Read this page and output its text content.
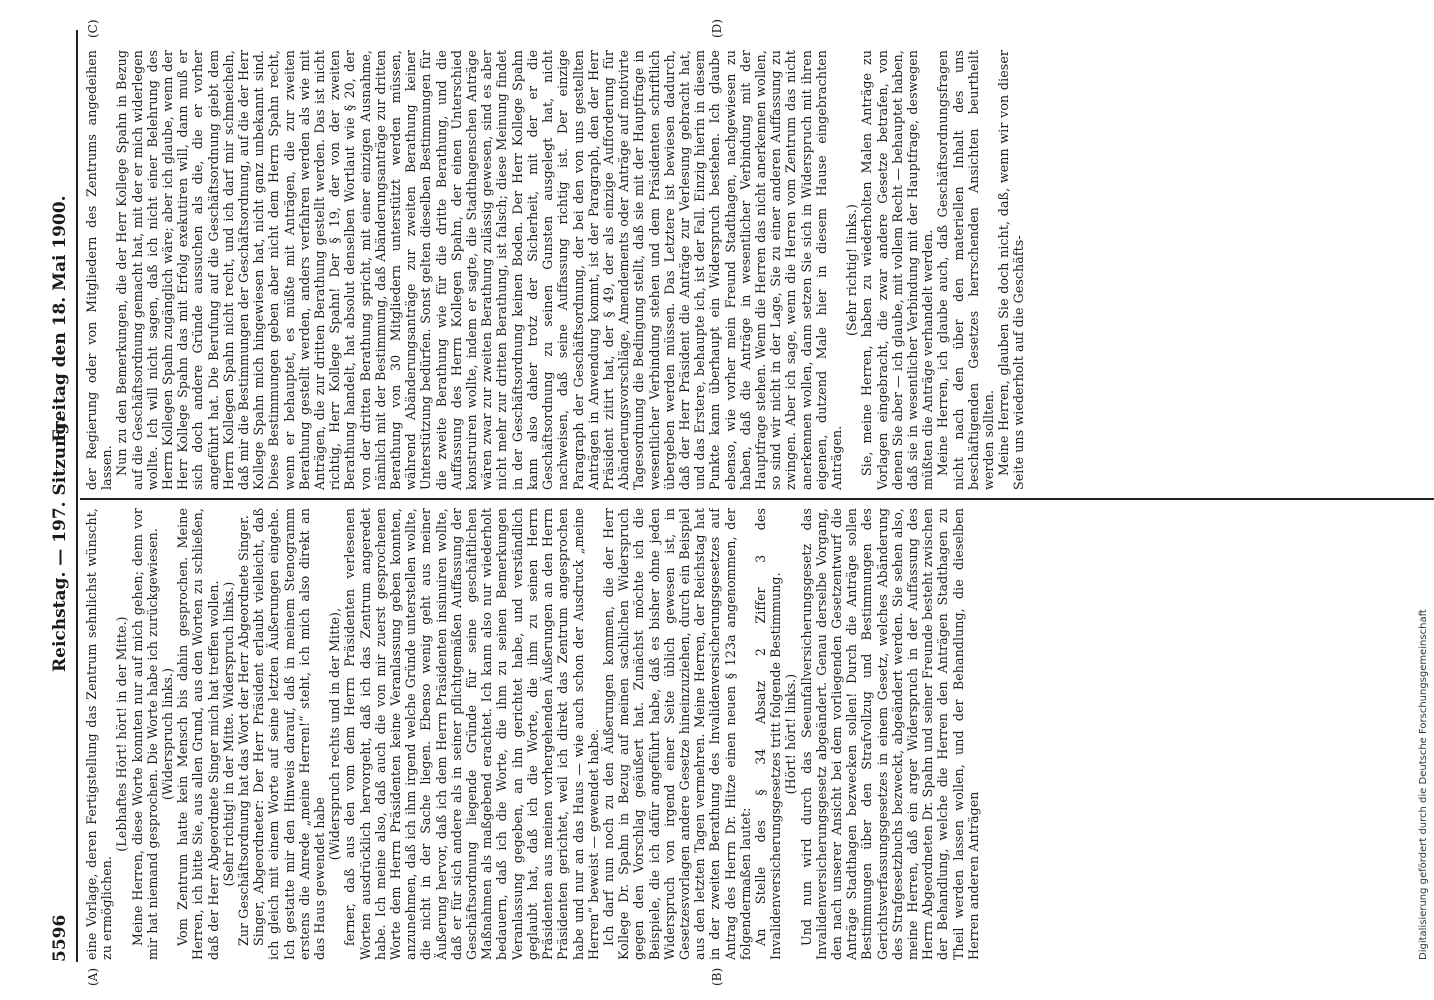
5596
Reichstag. — 197. Sitzung.
Freitag den 18. Mai 1900.
(A)	(B)
(C)	(D)

eine Vorlage, deren Fertigstellung das Zentrum sehnlichst wünscht, zu ermöglichen.

(Lebhaftes Hört! hört! in der Mitte.) Meine Herren, diese Worte konnten nur auf mich gehen; denn vor mir hat niemand gesprochen. Die Worte habe ich zurückgewiesen. (Widerspruch links.) Vom Zentrum hatte kein Mensch bis dahin gesprochen. Meine Herren, ich bitte Sie, aus allen Grund, aus den Worten zu schließen, daß der Herr Abgeordnete Singer mich hat treffen wollen. (Sehr richtig! in der Mitte. Widerspruch links.) Zur Geschäftsordnung hat das Wort der Herr Abgeordnete Singer. Singer, Abgeordneter: Der Herr Präsident erlaubt vielleicht, daß ich gleich mit einem Worte auf seine letzten Äußerungen eingehe. Ich gestatte mir den Hinweis darauf, daß in meinem Stenogramm erstens die Anrede „meine Herren!“ steht, ich mich also direkt an das Haus gewendet habe

(Widerspruch rechts und in der Mitte), ferner, daß aus den vom dem Herrn Präsidenten verlesenen Worten ausdrücklich hervorgeht, daß ich das Zentrum angeredet habe. Ich meine also, daß auch die von mir zuerst gesprochenen Worte dem Herrn Präsidenten keine Veranlassung geben konnten, anzunehmen, daß ich ihm irgend welche Gründe unterstellen wollte, die nicht in der Sache liegen. Ebenso wenig geht aus meiner Äußerung hervor, daß ich dem Herrn Präsidenten insinuiren wollte, daß er für sich andere als in seiner pflichtgemäßen Auffassung der Geschäftsordnung liegende Gründe für seine geschäftlichen Maßnahmen als maßgebend erachtet. Ich kann also nur wiederholt bedauern, daß ich die Worte, die ihm zu seinen Bemerkungen Veranlassung gegeben, an ihn gerichtet habe, und verständlich geglaubt hat, daß ich die Worte, die ihm zu seinen Herrn Präsidenten aus meinen vorhergehenden Äußerungen an den Herrn Präsidenten gerichtet, weil ich direkt das Zentrum angesprochen habe und nur an das Haus — wie auch schon der Ausdruck „meine Herren“ beweist — gewendet habe. Ich darf nun noch zu den Äußerungen kommen, die der Herr Kollege Dr. Spahn in Bezug auf meinen sachlichen Widerspruch gegen den Vorschlag geäußert hat. Zunächst möchte ich die Beispiele, die ich dafür angeführt habe, daß es bisher ohne jeden Widerspruch von irgend einer Seite üblich gewesen ist, in Gesetzesvorlagen andere Gesetze hineinzuziehen, durch ein Beispiel aus den letzten Tagen vermehren. Meine Herren, der Reichstag hat in der zweiten Berathung des Invalidenversicherungsgesetzes auf Antrag des Herrn Dr. Hitze einen neuen § 123a angenommen, der folgendermaßen lautet: An Stelle des § 34 Absatz 2 Ziffer 3 des Invalidenversicherungsgesetzes tritt folgende Bestimmung. (Hört! hört! links.) Und nun wird durch das Seeunfallversicherungsgesetz das Invalidenversicherungsgesetz abgeändert. Genau derselbe Vorgang, den nach unserer Ansicht bei dem vorliegenden Gesetzentwurf die Anträge Stadthagen bezwecken sollen! Durch die Anträge sollen Bestimmungen über den Strafvollzug und Bestimmungen des Gerichtsverfassungsgesetzes in einem Gesetz, welches Abänderung des Strafgesetzbuchs bezweckt, abgeändert werden. Sie sehen also, meine Herren, daß ein arger Widerspruch in der Auffassung des Herrn Abgeordneten Dr. Spahn und seiner Freunde besteht zwischen der Behandlung, welche die Herren den Anträgen Stadthagen zu Theil werden lassen wollen, und der Behandlung, die dieselben Herren anderen Anträgen

der Regierung oder von Mitgliedern des Zentrums angedeihen lassen. Nun zu den Bemerkungen, die der Herr Kollege Spahn in Bezug auf die Geschäftsordnung gemacht hat, mit der er mich widerlegen wollte. Ich will nicht sagen, daß ich nicht einer Belehrung des Herrn Kollegen Spahn zugänglich wäre; aber ich glaube, wenn der Herr Kollege Spahn das mit Erfolg exekutiren will, dann muß er sich doch andere Gründe aussuchen als die, die er vorher angeführt hat. Die Berufung auf die Geschäftsordnung giebt dem Herrn Kollegen Spahn nicht recht, und ich darf mir schmeicheln, daß mir die Bestimmungen der Geschäftsordnung, auf die der Herr Kollege Spahn mich hingewiesen hat, nicht ganz unbekannt sind. Diese Bestimmungen geben aber nicht dem Herrn Spahn recht, wenn er behauptet, es müßte mit Anträgen, die zur zweiten Berathung gestellt werden, anders verfahren werden als wie mit Anträgen, die zur dritten Berathung gestellt werden. Das ist nicht richtig, Herr Kollege Spahn! Der § 19, der von der zweiten Berathung handelt, hat absolut denselben Wortlaut wie § 20, der von der dritten Berathung spricht, mit einer einzigen Ausnahme, nämlich mit der Bestimmung, daß Abänderungsanträge zur dritten Berathung von 30 Mitgliedern unterstützt werden müssen, während Abänderungsanträge zur zweiten Berathung keiner Unterstützung bedürfen. Sonst gelten dieselben Bestimmungen für die zweite Berathung wie für die dritte Berathung, und die Auffassung des Herrn Kollegen Spahn, der einen Unterschied konstruiren wollte, indem er sagte, die Stadthagenschen Anträge wären zwar zur zweiten Berathung zulässig gewesen, sind es aber nicht mehr zur dritten Berathung, ist falsch; diese Meinung findet in der Geschäftsordnung keinen Boden. Der Herr Kollege Spahn kann also daher trotz der Sicherheit, mit der er die Geschäftsordnung zu seinen Gunsten ausgelegt hat, nicht nachweisen, daß seine Auffassung richtig ist. Der einzige Paragraph der Geschäftsordnung, der bei den von uns gestellten Anträgen in Anwendung kommt, ist der Paragraph, den der Herr Präsident zitirt hat, der § 49, der als einzige Aufforderung für Abänderungsvorschläge, Amendements oder Anträge auf motivirte Tagesordnung die Bedingung stellt, daß sie mit der Hauptfrage in wesentlicher Verbindung stehen und dem Präsidenten schriftlich übergeben werden müssen. Das Letztere ist bewiesen dadurch, daß der Herr Präsident die Anträge zur Verlesung gebracht hat, und das Erstere, behaupte ich, ist der Fall. Einzig hierin in diesem Punkte kann überhaupt ein Widerspruch bestehen. Ich glaube ebenso, wie vorher mein Freund Stadthagen, nachgewiesen zu haben, daß die Anträge in wesentlicher Verbindung mit der Hauptfrage stehen. Wenn die Herren das nicht anerkennen wollen, so sind wir nicht in der Lage, Sie zu einer anderen Auffassung zu zwingen. Aber ich sage, wenn die Herren vom Zentrum das nicht anerkennen wollen, dann setzen Sie sich in Widerspruch mit ihren eigenen, dutzend Male hier in diesem Hause eingebrachten Anträgen.

(Sehr richtig! links.) Sie, meine Herren, haben zu wiederholten Malen Anträge zu Vorlagen eingebracht, die zwar andere Gesetze betrafen, von denen Sie aber — ich glaube, mit vollem Recht — behauptet haben, daß sie in wesentlicher Verbindung mit der Hauptfrage, deswegen müßten die Anträge verhandelt werden. Meine Herren, ich glaube auch, daß Geschäftsordnungsfragen nicht nach den über den materiellen Inhalt des uns beschäftigenden Gesetzes herrschenden Ansichten beurtheilt werden sollten. Meine Herren, glauben Sie doch nicht, daß, wenn wir von dieser Seite uns wiederholt auf die Geschäfts-

Digitalisierung gefördert durch die Deutsche Forschungsgemeinschaft
